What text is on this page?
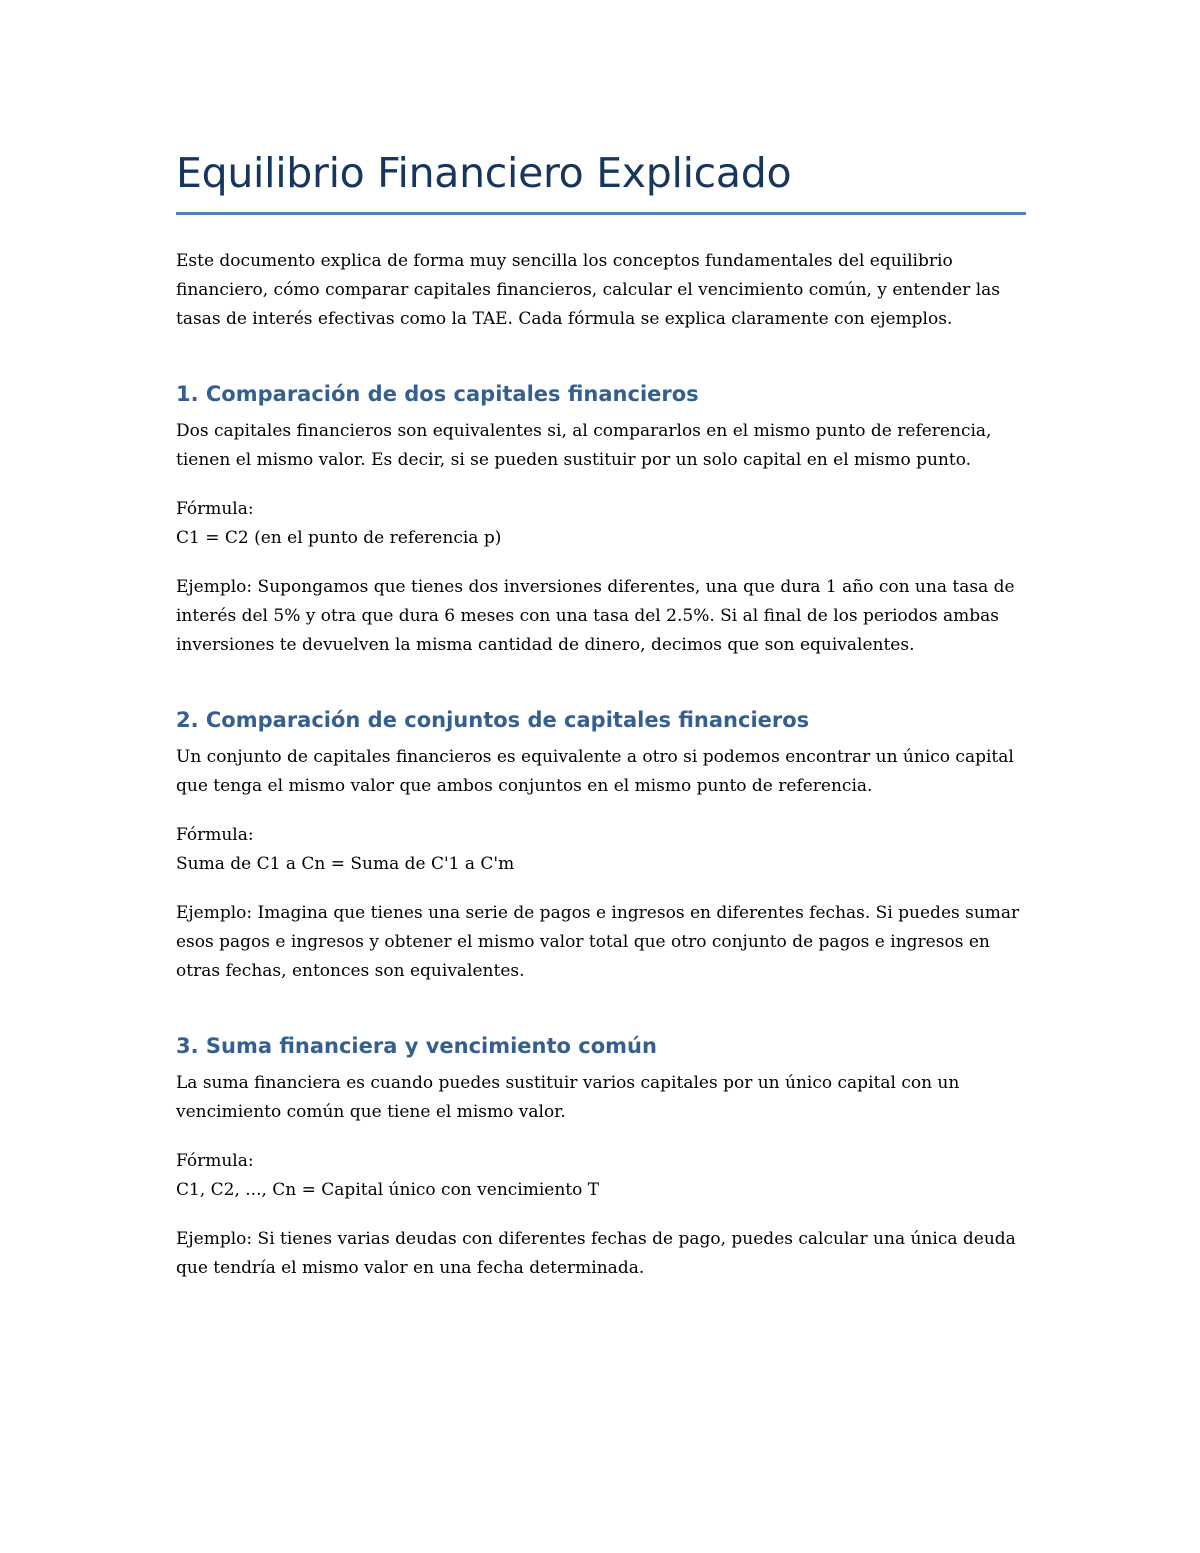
Equilibrio Financiero Explicado

Este documento explica de forma muy sencilla los conceptos fundamentales del equilibrio financiero, cómo comparar capitales financieros, calcular el vencimiento común, y entender las tasas de interés efectivas como la TAE. Cada fórmula se explica claramente con ejemplos.

1. Comparación de dos capitales financieros

Dos capitales financieros son equivalentes si, al compararlos en el mismo punto de referencia, tienen el mismo valor. Es decir, si se pueden sustituir por un solo capital en el mismo punto.

Fórmula:
C1 = C2 (en el punto de referencia p)

Ejemplo: Supongamos que tienes dos inversiones diferentes, una que dura 1 año con una tasa de interés del 5% y otra que dura 6 meses con una tasa del 2.5%. Si al final de los periodos ambas inversiones te devuelven la misma cantidad de dinero, decimos que son equivalentes.

2. Comparación de conjuntos de capitales financieros

Un conjunto de capitales financieros es equivalente a otro si podemos encontrar un único capital que tenga el mismo valor que ambos conjuntos en el mismo punto de referencia.

Fórmula:
Suma de C1 a Cn = Suma de C'1 a C'm

Ejemplo: Imagina que tienes una serie de pagos e ingresos en diferentes fechas. Si puedes sumar esos pagos e ingresos y obtener el mismo valor total que otro conjunto de pagos e ingresos en otras fechas, entonces son equivalentes.

3. Suma financiera y vencimiento común

La suma financiera es cuando puedes sustituir varios capitales por un único capital con un vencimiento común que tiene el mismo valor.

Fórmula:
C1, C2, ..., Cn = Capital único con vencimiento T

Ejemplo: Si tienes varias deudas con diferentes fechas de pago, puedes calcular una única deuda que tendría el mismo valor en una fecha determinada.
